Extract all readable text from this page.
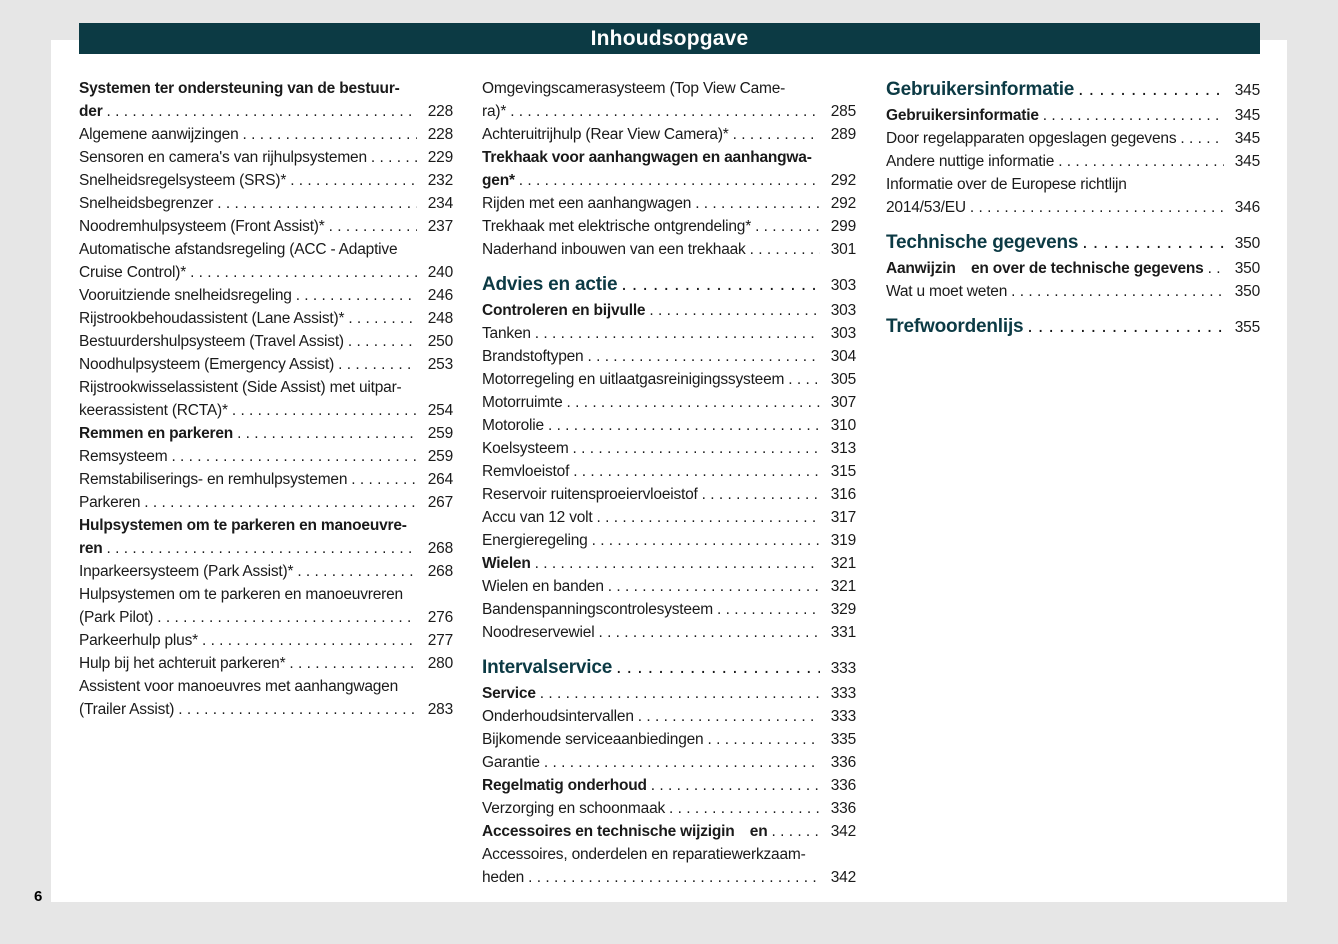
Inhoudsopgave
Systemen ter ondersteuning van de bestuur-
der . . .	228
Algemene aanwijzingen . . .	228
Sensoren en camera's van rijhulpsystemen . . .	229
Snelheidsregelsysteem (SRS)* . . .	232
Snelheidsbegrenzer . . .	234
Noodremhulpsysteem (Front Assist)* . . .	237
Automatische afstandsregeling (ACC - Adaptive
Cruise Control)* . . .	240
Vooruitziende snelheidsregeling . . .	246
Rijstrookbehoudassistent (Lane Assist)* . . .	248
Bestuurdershulpsysteem (Travel Assist) . . .	250
Noodhulpsysteem (Emergency Assist) . . .	253
Rijstrookwisselassistent (Side Assist) met uitpar-
keerassistent (RCTA)* . . .	254
Remmen en parkeren . . .	259
Remsysteem . . .	259
Remstabiliserings- en remhulpsystemen . . .	264
Parkeren . . .	267
Hulpsystemen om te parkeren en manoeuvre-
ren . . .	268
Inparkeersysteem (Park Assist)* . . .	268
Hulpsystemen om te parkeren en manoeuvreren
(Park Pilot) . . .	276
Parkeerhulp plus* . . .	277
Hulp bij het achteruit parkeren* . . .	280
Assistent voor manoeuvres met aanhangwagen
(Trailer Assist) . . .	283
Omgevingscamerasysteem (Top View Came-
ra)* . . .	285
Achteruitrijhulp (Rear View Camera)* . . .	289
Trekhaak voor aanhangwagen en aanhangwa-
gen* . . .	292
Rijden met een aanhangwagen . . .	292
Trekhaak met elektrische ontgrendeling* . . .	299
Naderhand inbouwen van een trekhaak . . .	301
Advies en actie . . .	303
Controleren en bijvulle . . .	303
Tanken . . .	303
Brandstoftypen . . .	304
Motorregeling en uitlaatgasreinigingssysteem . . .	305
Motorruimte . . .	307
Motorolie . . .	310
Koelsysteem . . .	313
Remvloeistof . . .	315
Reservoir ruitensproeiervloeistof . . .	316
Accu van 12 volt . . .	317
Energieregeling . . .	319
Wielen . . .	321
Wielen en banden . . .	321
Bandenspanningscontrolesysteem . . .	329
Noodreservewiel . . .	331
Intervalservice . . .	333
Service . . .	333
Onderhoudsintervallen . . .	333
Bijkomende serviceaanbiedingen . . .	335
Garantie . . .	336
Regelmatig onderhoud . . .	336
Verzorging en schoonmaak . . .	336
Accessoires en technische wijzigin en . . .	342
Accessoires, onderdelen en reparatiewerkzaam-
heden . . .	342
Gebruikersinformatie . . .	345
Gebruikersinformatie . . .	345
Door regelapparaten opgeslagen gegevens . . .	345
Andere nuttige informatie . . .	345
Informatie over de Europese richtlijn
2014/53/EU . . .	346
Technische gegevens . . .	350
Aanwijzin en over de technische gegevens . . . 350
Wat u moet weten . . .	350
Trefwoordenlijs . . .	355
6
